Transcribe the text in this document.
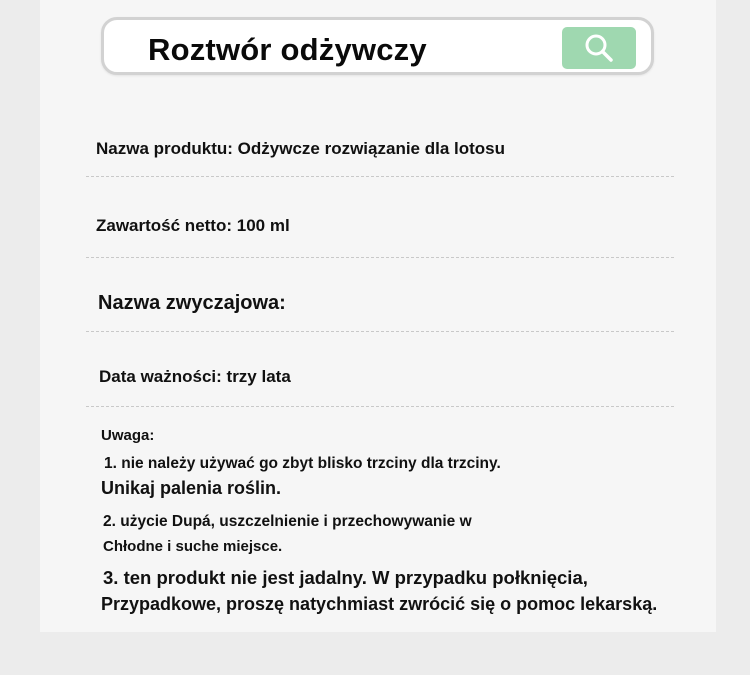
Roztwór odżywczy
Nazwa produktu: Odżywcze rozwiązanie dla lotosu
Zawartość netto: 100 ml
Nazwa zwyczajowa:
Data ważności: trzy lata
Uwaga:
1. nie należy używać go zbyt blisko trzciny dla trzciny.
Unikaj palenia roślin.
2. użycie Dupá, uszczelnienie i przechowywanie w
Chłodne i suche miejsce.
3. ten produkt nie jest jadalny. W przypadku połknięcia,
Przypadkowe, proszę natychmiast zwrócić się o pomoc lekarską.
